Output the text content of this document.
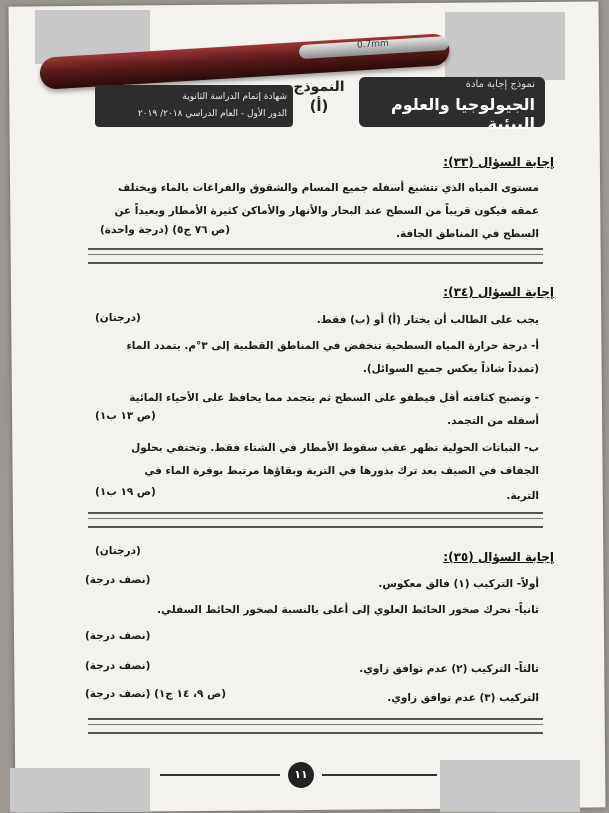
0.7mm
نموذج إجابة مادة
الجيولوجيا والعلوم البيئية
النموذج
(أ)
شهادة إتمام الدراسة الثانوية
الدور الأول - العام الدراسي ٢٠١٨/ ٢٠١٩
إجابة السؤال (٣٣):
مستوى المياه الذي تتشبع أسفله جميع المسام والشقوق والفراغات بالماء ويختلف
عمقه فيكون قريباً من السطح عند البحار والأنهار والأماكن كثيرة الأمطار وبعيداً عن
السطح في المناطق الجافة.
(ص ٧٦ ج٥) (درجة واحدة)
إجابة السؤال (٣٤):
يجب على الطالب أن يختار (أ) أو (ب) فقط.
(درجتان)
أ- درجة حرارة المياه السطحية تنخفض في المناطق القطبية إلى ٣°م. يتمدد الماء
(تمدداً شاذاً يعكس جميع السوائل).
- وتصبح كثافته أقل فيطفو على السطح ثم يتجمد مما يحافظ على الأحياء المائية
أسفله من التجمد.
(ص ١٣ ب١)
ب- النباتات الحولية تظهر عقب سقوط الأمطار في الشتاء فقط. وتختفي بحلول
الجفاف في الصيف بعد ترك بذورها في التربة وبقاؤها مرتبط بوفرة الماء في
التربة.
(ص ١٩ ب١)
إجابة السؤال (٣٥):
(درجتان)
أولاً- التركيب (١) فالق معكوس.
(نصف درجة)
ثانياً- تحرك صخور الحائط العلوي إلى أعلى بالنسبة لصخور الحائط السفلي.
(نصف درجة)
ثالثاً- التركيب (٢) عدم توافق زاوي.
(نصف درجة)
التركيب (٣) عدم توافق زاوي.
(ص ٩، ١٤ ج١) (نصف درجة)
١١
